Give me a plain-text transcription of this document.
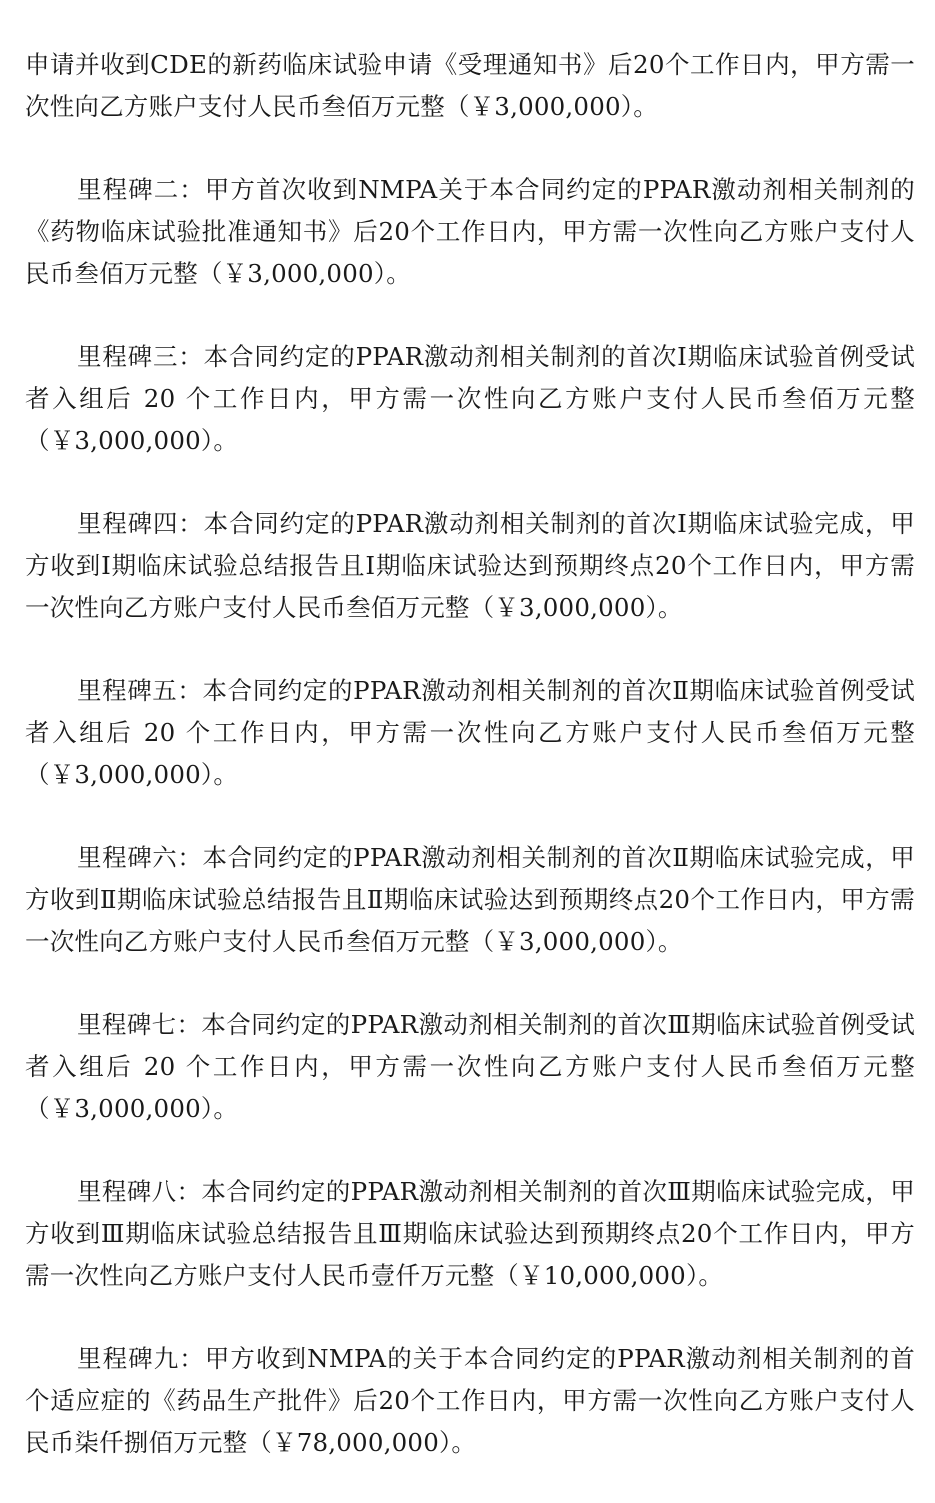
申请并收到CDE的新药临床试验申请《受理通知书》后20个工作日内，甲方需一次性向乙方账户支付人民币叁佰万元整（￥3,000,000）。

里程碑二：甲方首次收到NMPA关于本合同约定的PPAR激动剂相关制剂的《药物临床试验批准通知书》后20个工作日内，甲方需一次性向乙方账户支付人民币叁佰万元整（￥3,000,000）。

里程碑三：本合同约定的PPAR激动剂相关制剂的首次Ⅰ期临床试验首例受试者入组后 20 个工作日内，甲方需一次性向乙方账户支付人民币叁佰万元整（￥3,000,000）。

里程碑四：本合同约定的PPAR激动剂相关制剂的首次Ⅰ期临床试验完成，甲方收到Ⅰ期临床试验总结报告且Ⅰ期临床试验达到预期终点20个工作日内，甲方需一次性向乙方账户支付人民币叁佰万元整（￥3,000,000）。

里程碑五：本合同约定的PPAR激动剂相关制剂的首次Ⅱ期临床试验首例受试者入组后 20 个工作日内，甲方需一次性向乙方账户支付人民币叁佰万元整（￥3,000,000）。

里程碑六：本合同约定的PPAR激动剂相关制剂的首次Ⅱ期临床试验完成，甲方收到Ⅱ期临床试验总结报告且Ⅱ期临床试验达到预期终点20个工作日内，甲方需一次性向乙方账户支付人民币叁佰万元整（￥3,000,000）。

里程碑七：本合同约定的PPAR激动剂相关制剂的首次Ⅲ期临床试验首例受试者入组后 20 个工作日内，甲方需一次性向乙方账户支付人民币叁佰万元整（￥3,000,000）。

里程碑八：本合同约定的PPAR激动剂相关制剂的首次Ⅲ期临床试验完成，甲方收到Ⅲ期临床试验总结报告且Ⅲ期临床试验达到预期终点20个工作日内，甲方需一次性向乙方账户支付人民币壹仟万元整（￥10,000,000）。

里程碑九：甲方收到NMPA的关于本合同约定的PPAR激动剂相关制剂的首个适应症的《药品生产批件》后20个工作日内，甲方需一次性向乙方账户支付人民币柒仟捌佰万元整（￥78,000,000）。
